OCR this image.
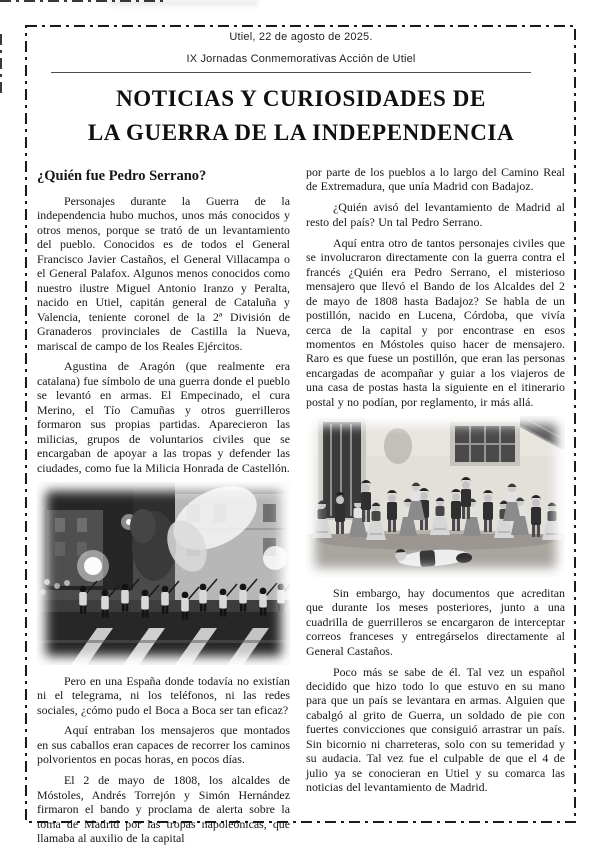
Utiel, 22 de agosto de 2025.
IX Jornadas Conmemorativas Acción de Utiel
NOTICIAS Y CURIOSIDADES DE
LA GUERRA DE LA INDEPENDENCIA
¿Quién fue Pedro Serrano?

Personajes durante la Guerra de la independencia hubo muchos, unos más conocidos y otros menos, porque se trató de un levantamiento del pueblo. Conocidos es de todos el General Francisco Javier Castaños, el General Villacampa o el General Palafox. Algunos menos conocidos como nuestro ilustre Miguel Antonio Iranzo y Peralta, nacido en Utiel, capitán general de Cataluña y Valencia, teniente coronel de la 2ª División de Granaderos provinciales de Castilla la Nueva, mariscal de campo de los Reales Ejércitos.

Agustina de Aragón (que realmente era catalana) fue símbolo de una guerra donde el pueblo se levantó en armas. El Empecinado, el cura Merino, el Tío Camuñas y otros guerrilleros formaron sus propias partidas. Aparecieron las milicias, grupos de voluntarios civiles que se encargaban de apoyar a las tropas y defender las ciudades, como fue la Milicia Honrada de Castellón.

Pero en una España donde todavía no existían ni el telegrama, ni los teléfonos, ni las redes sociales, ¿cómo pudo el Boca a Boca ser tan eficaz?

Aquí entraban los mensajeros que montados en sus caballos eran capaces de recorrer los caminos polvorientos en pocas horas, en pocos días.

El 2 de mayo de 1808, los alcaldes de Móstoles, Andrés Torrejón y Simón Hernández firmaron el bando y proclama de alerta sobre la toma de Madrid por las tropas napoleónicas, que llamaba al auxilio de la capital

por parte de los pueblos a lo largo del Camino Real de Extremadura, que unía Madrid con Badajoz.

¿Quién avisó del levantamiento de Madrid al resto del país? Un tal Pedro Serrano.

Aquí entra otro de tantos personajes civiles que se involucraron directamente con la guerra contra el francés ¿Quién era Pedro Serrano, el misterioso mensajero que llevó el Bando de los Alcaldes del 2 de mayo de 1808 hasta Badajoz? Se habla de un postillón, nacido en Lucena, Córdoba, que vivía cerca de la capital y por encontrase en esos momentos en Móstoles quiso hacer de mensajero. Raro es que fuese un postillón, que eran las personas encargadas de acompañar y guiar a los viajeros de una casa de postas hasta la siguiente en el itinerario postal y no podían, por reglamento, ir más allá.

Sin embargo, hay documentos que acreditan que durante los meses posteriores, junto a una cuadrilla de guerrilleros se encargaron de interceptar correos franceses y entregárselos directamente al General Castaños.

Poco más se sabe de él. Tal vez un español decidido que hizo todo lo que estuvo en su mano para que un país se levantara en armas. Alguien que cabalgó al grito de Guerra, un soldado de pie con fuertes convicciones que consiguió arrastrar un país. Sin bicornio ni charreteras, solo con su temeridad y su audacia. Tal vez fue el culpable de que el 4 de julio ya se conocieran en Utiel y su comarca las noticias del levantamiento de Madrid.
